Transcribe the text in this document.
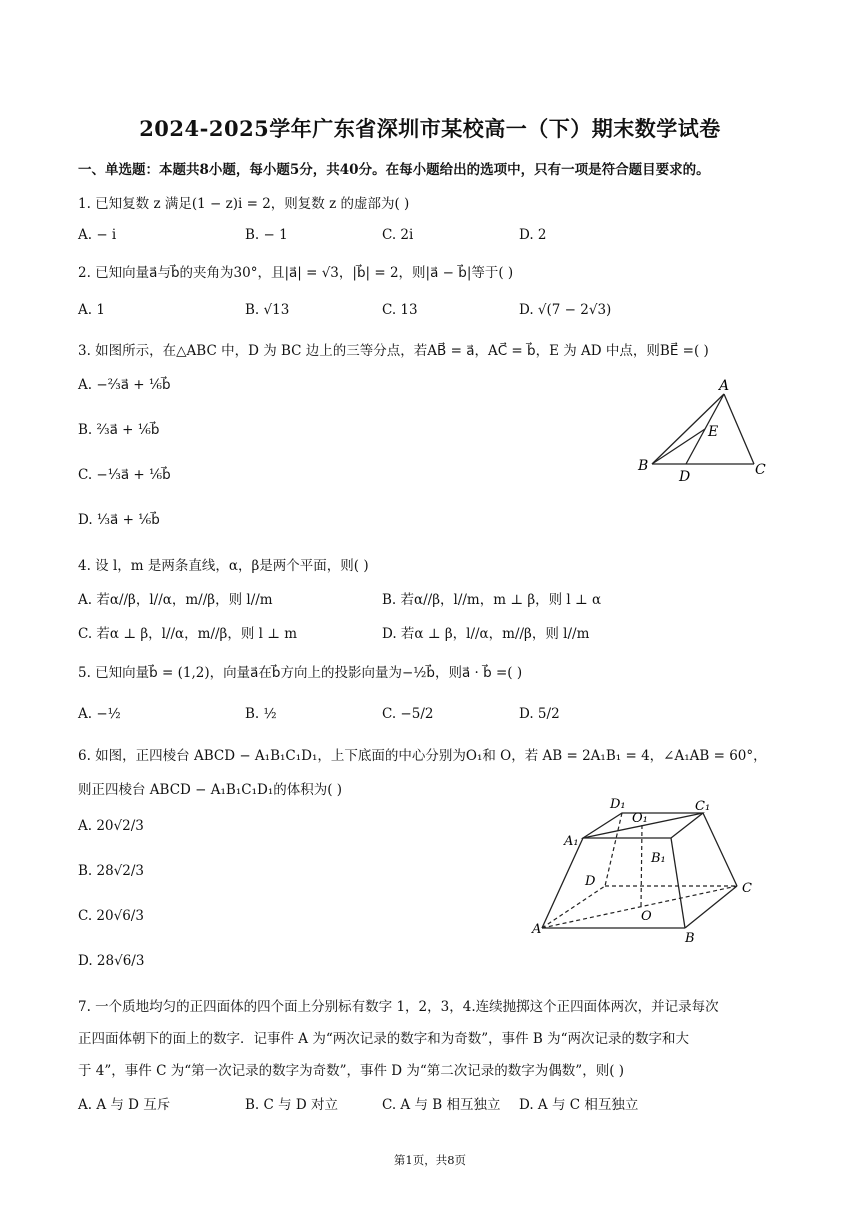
2024-2025学年广东省深圳市某校高一（下）期末数学试卷
一、单选题：本题共8小题，每小题5分，共40分。在每小题给出的选项中，只有一项是符合题目要求的。
1. 已知复数 z 满足(1 − z)i = 2，则复数 z 的虚部为( )
A. − i	B. − 1	C. 2i	D. 2
2. 已知向量a⃗与b⃗的夹角为30°，且|a⃗| = √3，|b⃗| = 2，则|a⃗ − b⃗|等于( )
A. 1	B. √13	C. 13	D. √(7 − 2√3)
3. 如图所示，在△ABC 中，D 为 BC 边上的三等分点，若AB⃗ = a⃗，AC⃗ = b⃗，E 为 AD 中点，则BE⃗ =( )
A. −⅔a⃗ + ⅙b⃗
B. ⅔a⃗ + ⅙b⃗
C. −⅓a⃗ + ⅙b⃗
D. ⅓a⃗ + ⅙b⃗
A
E
B
D	C
4. 设 l，m 是两条直线，α，β是两个平面，则( )
A. 若α//β，l//α，m//β，则 l//m	B. 若α//β，l//m，m ⊥ β，则 l ⊥ α
C. 若α ⊥ β，l//α，m//β，则 l ⊥ m	D. 若α ⊥ β，l//α，m//β，则 l//m
5. 已知向量b⃗ = (1,2)，向量a⃗在b⃗方向上的投影向量为−½b⃗，则a⃗ · b⃗ =( )
A. −½	B. ½	C. −5/2	D. 5/2
6. 如图，正四棱台 ABCD − A₁B₁C₁D₁，上下底面的中心分别为O₁和 O，若 AB = 2A₁B₁ = 4，∠A₁AB = 60°，
则正四棱台 ABCD − A₁B₁C₁D₁的体积为( )
A. 20√2/3
B. 28√2/3
C. 20√6/3
D. 28√6/3
D₁
O₁
C₁
A₁
B₁
D	C
O
A
B
7. 一个质地均匀的正四面体的四个面上分别标有数字 1，2，3，4.连续抛掷这个正四面体两次，并记录每次
正四面体朝下的面上的数字．记事件 A 为“两次记录的数字和为奇数”，事件 B 为“两次记录的数字和大
于 4”，事件 C 为“第一次记录的数字为奇数”，事件 D 为“第二次记录的数字为偶数”，则( )
A. A 与 D 互斥	B. C 与 D 对立	C. A 与 B 相互独立 D. A 与 C 相互独立
第1页，共8页
